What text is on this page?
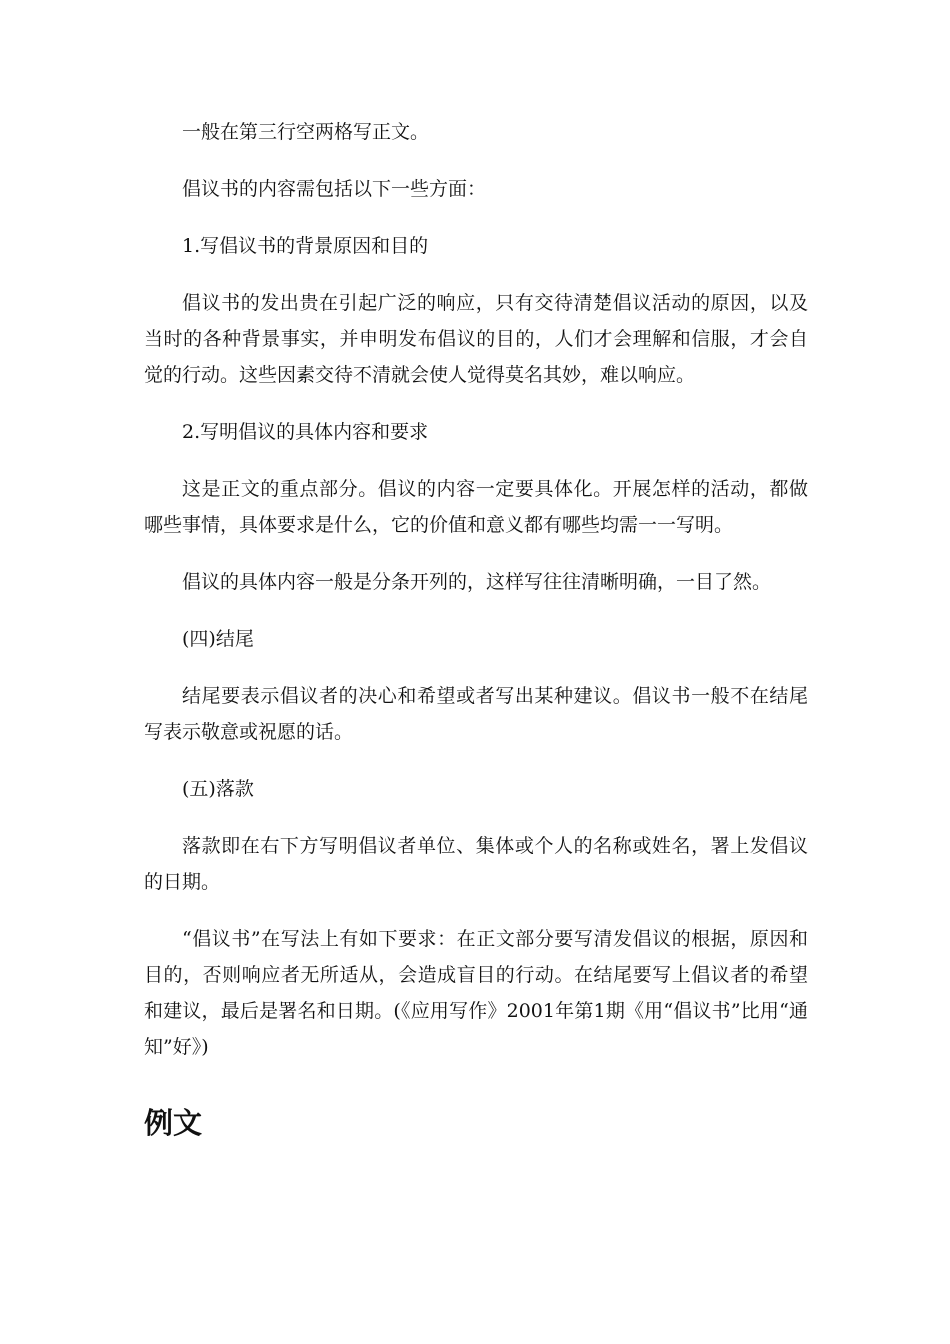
一般在第三行空两格写正文。

倡议书的内容需包括以下一些方面：

1.写倡议书的背景原因和目的

倡议书的发出贵在引起广泛的响应，只有交待清楚倡议活动的原因，以及当时的各种背景事实，并申明发布倡议的目的，人们才会理解和信服，才会自觉的行动。这些因素交待不清就会使人觉得莫名其妙，难以响应。

2.写明倡议的具体内容和要求

这是正文的重点部分。倡议的内容一定要具体化。开展怎样的活动，都做哪些事情，具体要求是什么，它的价值和意义都有哪些均需一一写明。

倡议的具体内容一般是分条开列的，这样写往往清晰明确，一目了然。

(四)结尾

结尾要表示倡议者的决心和希望或者写出某种建议。倡议书一般不在结尾写表示敬意或祝愿的话。

(五)落款

落款即在右下方写明倡议者单位、集体或个人的名称或姓名，署上发倡议的日期。

“倡议书”在写法上有如下要求：在正文部分要写清发倡议的根据，原因和目的，否则响应者无所适从，会造成盲目的行动。在结尾要写上倡议者的希望和建议，最后是署名和日期。(《应用写作》2001年第1期《用“倡议书”比用“通知”好》)

例文
